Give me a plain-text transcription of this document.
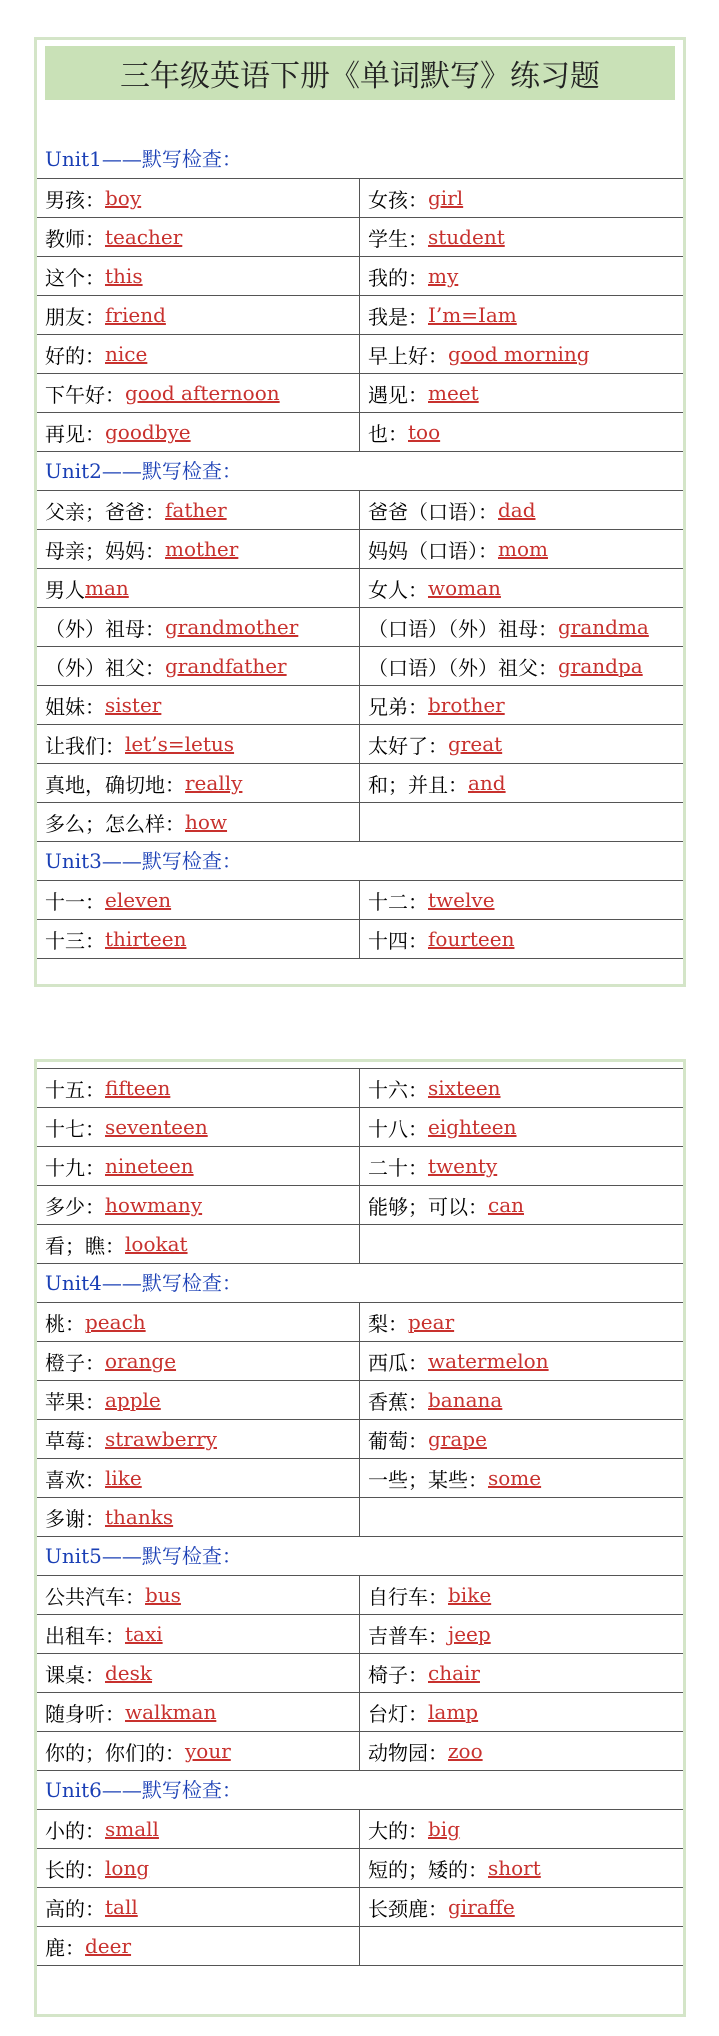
三年级英语下册《单词默写》练习题
Unit1——默写检查：
男孩： boy	女孩： girl
教师： teacher	学生： student
这个： this	我的： my
朋友： friend	我是： I’m=Iam
好的： nice	早上好： good morning
下午好： good afternoon	遇见： meet
再见： goodbye	也： too
Unit2——默写检查：
父亲；爸爸： father	爸爸（口语）： dad
母亲；妈妈： mother	妈妈（口语）： mom
男人 man	女人： woman
（外）祖母： grandmother	（口语）（外）祖母： grandma
（外）祖父： grandfather	（口语）（外）祖父： grandpa
姐妹： sister	兄弟： brother
让我们： let’s=letus	太好了： great
真地，确切地： really	和；并且： and
多么；怎么样： how
Unit3——默写检查：
十一： eleven	十二： twelve
十三： thirteen	十四： fourteen
十五： fifteen	十六： sixteen
十七： seventeen	十八： eighteen
十九： nineteen	二十： twenty
多少： howmany	能够；可以： can
看；瞧： lookat
Unit4——默写检查：
桃： peach	梨： pear
橙子： orange	西瓜： watermelon
苹果： apple	香蕉： banana
草莓： strawberry	葡萄： grape
喜欢： like	一些；某些： some
多谢： thanks
Unit5——默写检查：
公共汽车： bus	自行车： bike
出租车： taxi	吉普车： jeep
课桌： desk	椅子： chair
随身听： walkman	台灯： lamp
你的；你们的： your	动物园： zoo
Unit6——默写检查：
小的： small	大的： big
长的： long	短的；矮的： short
高的： tall	长颈鹿： giraffe
鹿： deer
